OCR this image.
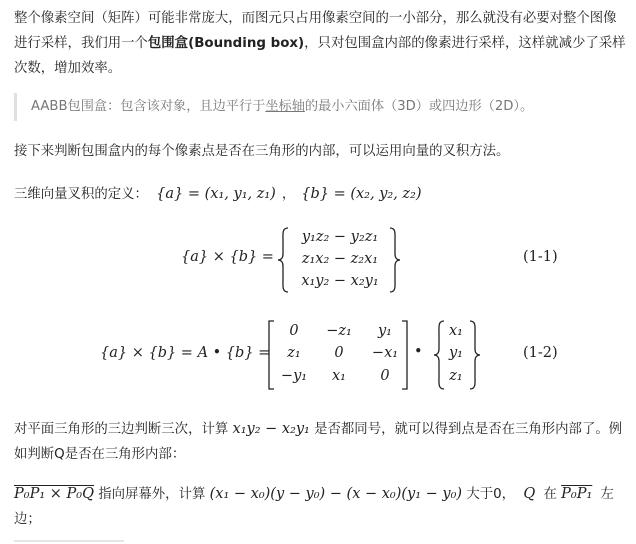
整个像素空间（矩阵）可能非常庞大，而图元只占用像素空间的一小部分，那么就没有必要对整个图像进行采样，我们用一个包围盒(Bounding box)，只对包围盒内部的像素进行采样，这样就减少了采样次数，增加效率。

AABB包围盒：包含该对象，且边平行于坐标轴的最小六面体（3D）或四边形（2D）。

接下来判断包围盒内的每个像素点是否在三角形的内部，可以运用向量的叉积方法。

三维向量叉积的定义： {a} = (x₁, y₁, z₁) ， {b} = (x₂, y₂, z₂)

{a} × {b} =
y₁z₂ − y₂z₁
z₁x₂ − z₂x₁
x₁y₂ − x₂y₁
(1-1)
{a} × {b} = A • {b} =
0	−z₁	y₁
z₁	0	−x₁
−y₁	x₁	0
•
x₁
y₁
z₁
(1-2)

对平面三角形的三边判断三次，计算 x₁y₂ − x₂y₁ 是否都同号，就可以得到点是否在三角形内部了。例如判断Q是否在三角形内部：

P₀P₁ × P₀Q 指向屏幕外，计算 (x₁ − x₀)(y − y₀) − (x − x₀)(y₁ − y₀) 大于0， Q 在 P₀P₁ 左边；
